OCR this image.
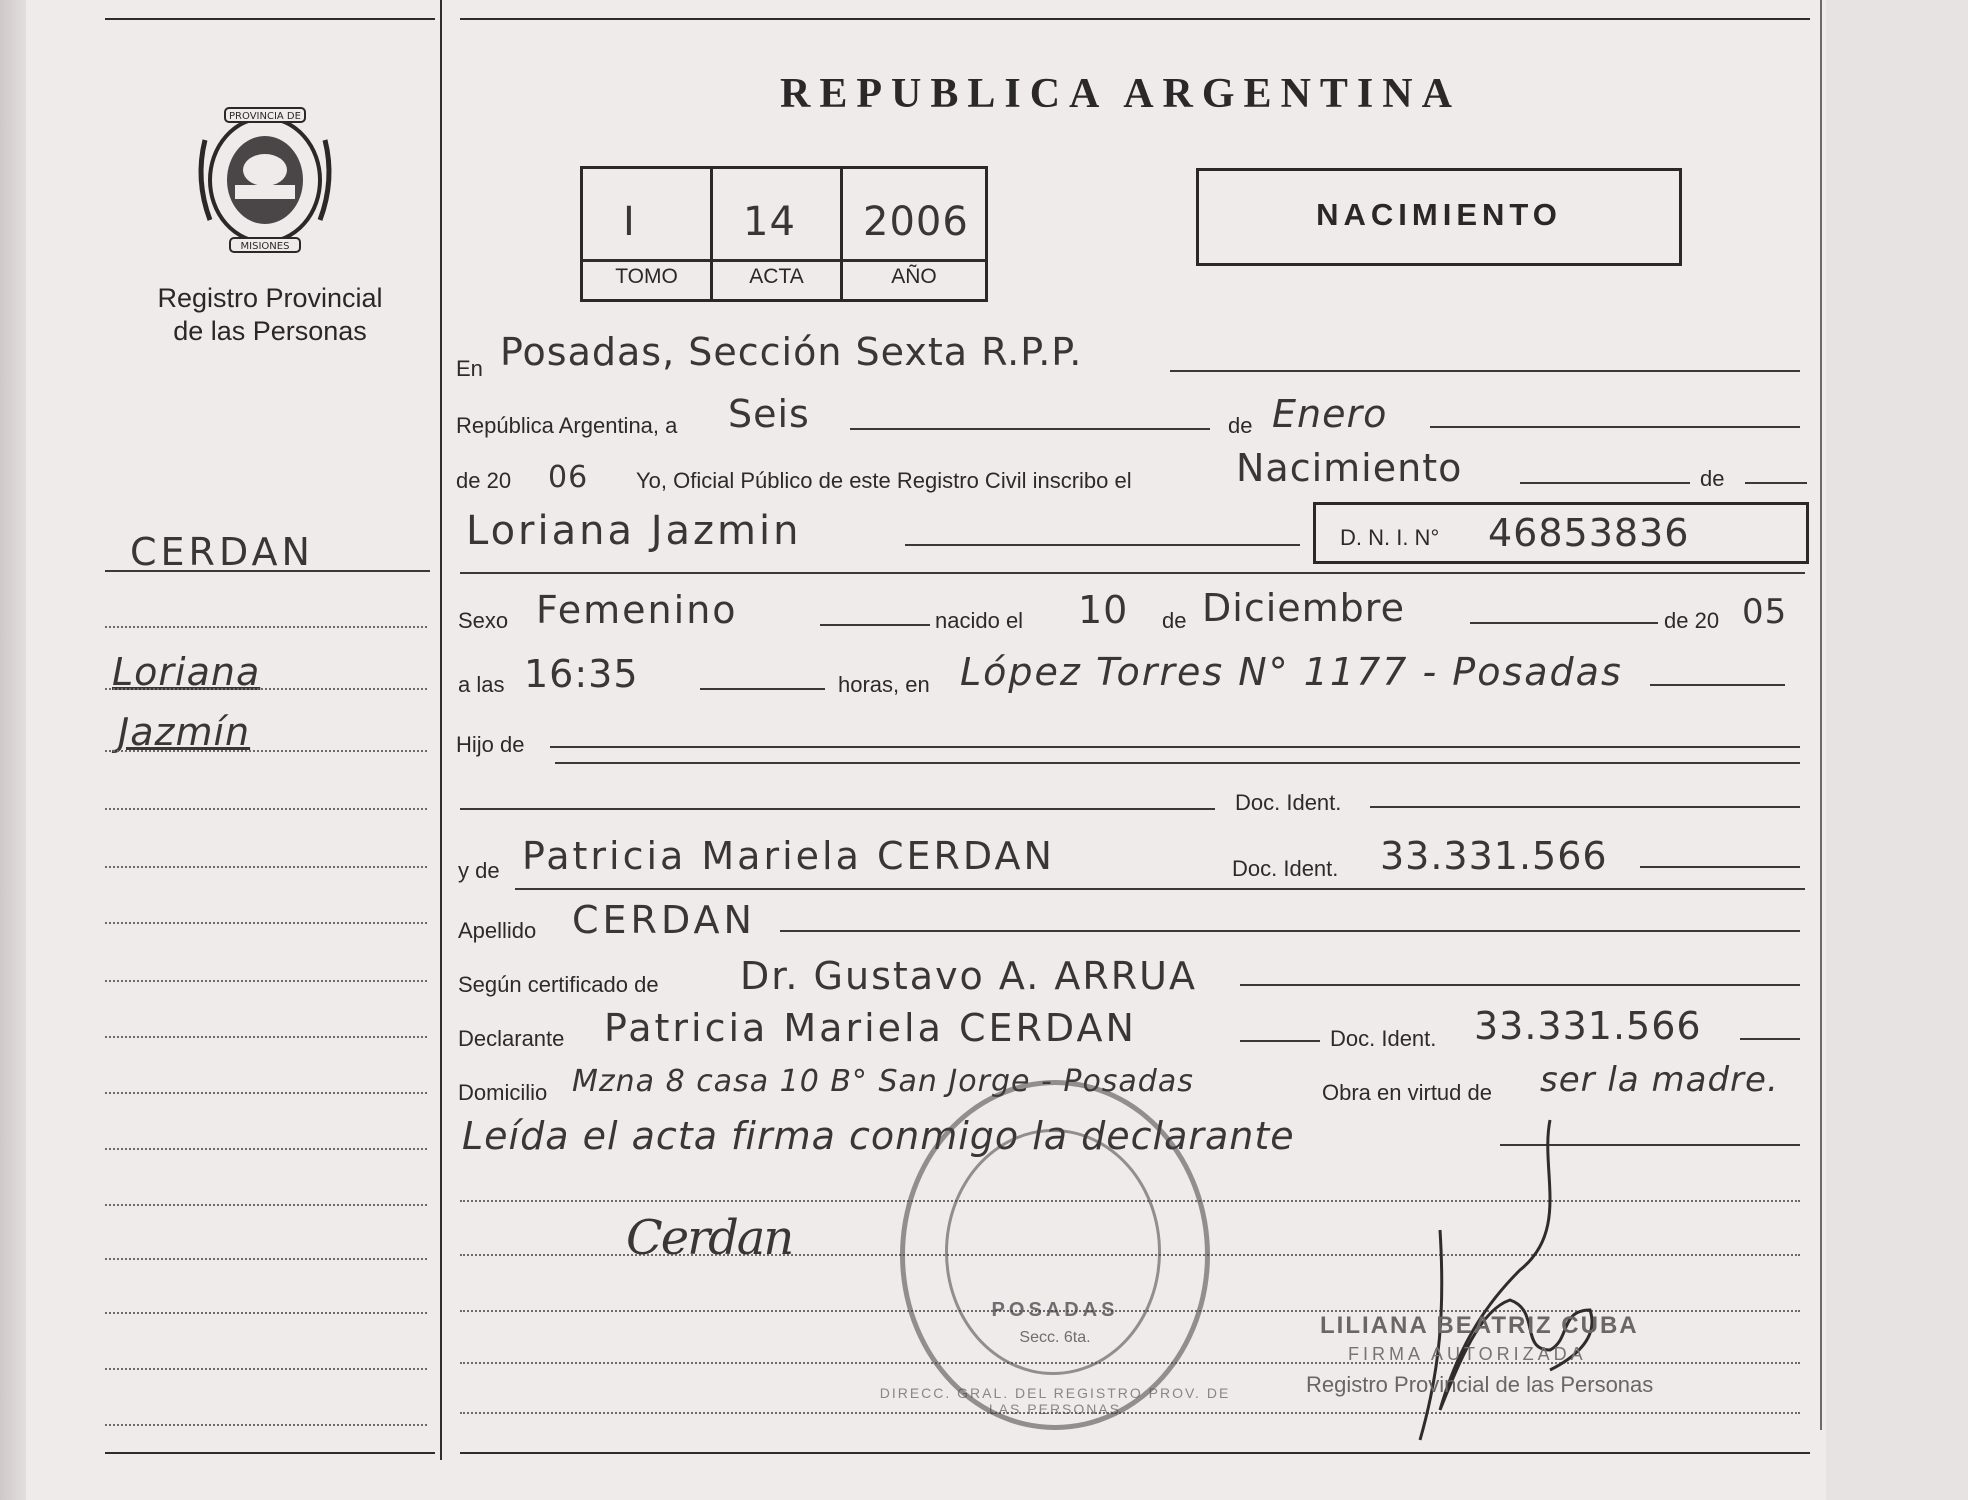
PROVINCIA DE
MISIONES
Registro Provincial
de las Personas
REPUBLICA ARGENTINA
I	14 2006
TOMO	ACTA	AÑO
NACIMIENTO
CERDAN
Loriana
Jazmín
En Posadas, Sección Sexta R.P.P.
República Argentina, a Seis	de Enero
de 20 06 Yo, Oficial Público de este Registro Civil inscribo el	Nacimiento	de
Loriana Jazmin	D. N. I. N° 46853836
Sexo Femenino	nacido el 10 de Diciembre	de 20 05
a las 16:35	horas, en López Torres N° 1177 - Posadas
Hijo de
Doc. Ident.
y de Patricia Mariela CERDAN	Doc. Ident. 33.331.566
Apellido CERDAN
Según certificado de Dr. Gustavo A. ARRUA
Declarante Patricia Mariela CERDAN	Doc. Ident. 33.331.566
Domicilio Mzna 8 casa 10 B° San Jorge - Posadas	Obra en virtud de ser la madre.
Leída el acta firma conmigo la declarante
POSADAS
Secc. 6ta.
DIRECC. GRAL. DEL REGISTRO PROV. DE LAS PERSONAS
Cerdan
LILIANA BEATRIZ CUBA
FIRMA AUTORIZADA
Registro Provincial de las Personas
